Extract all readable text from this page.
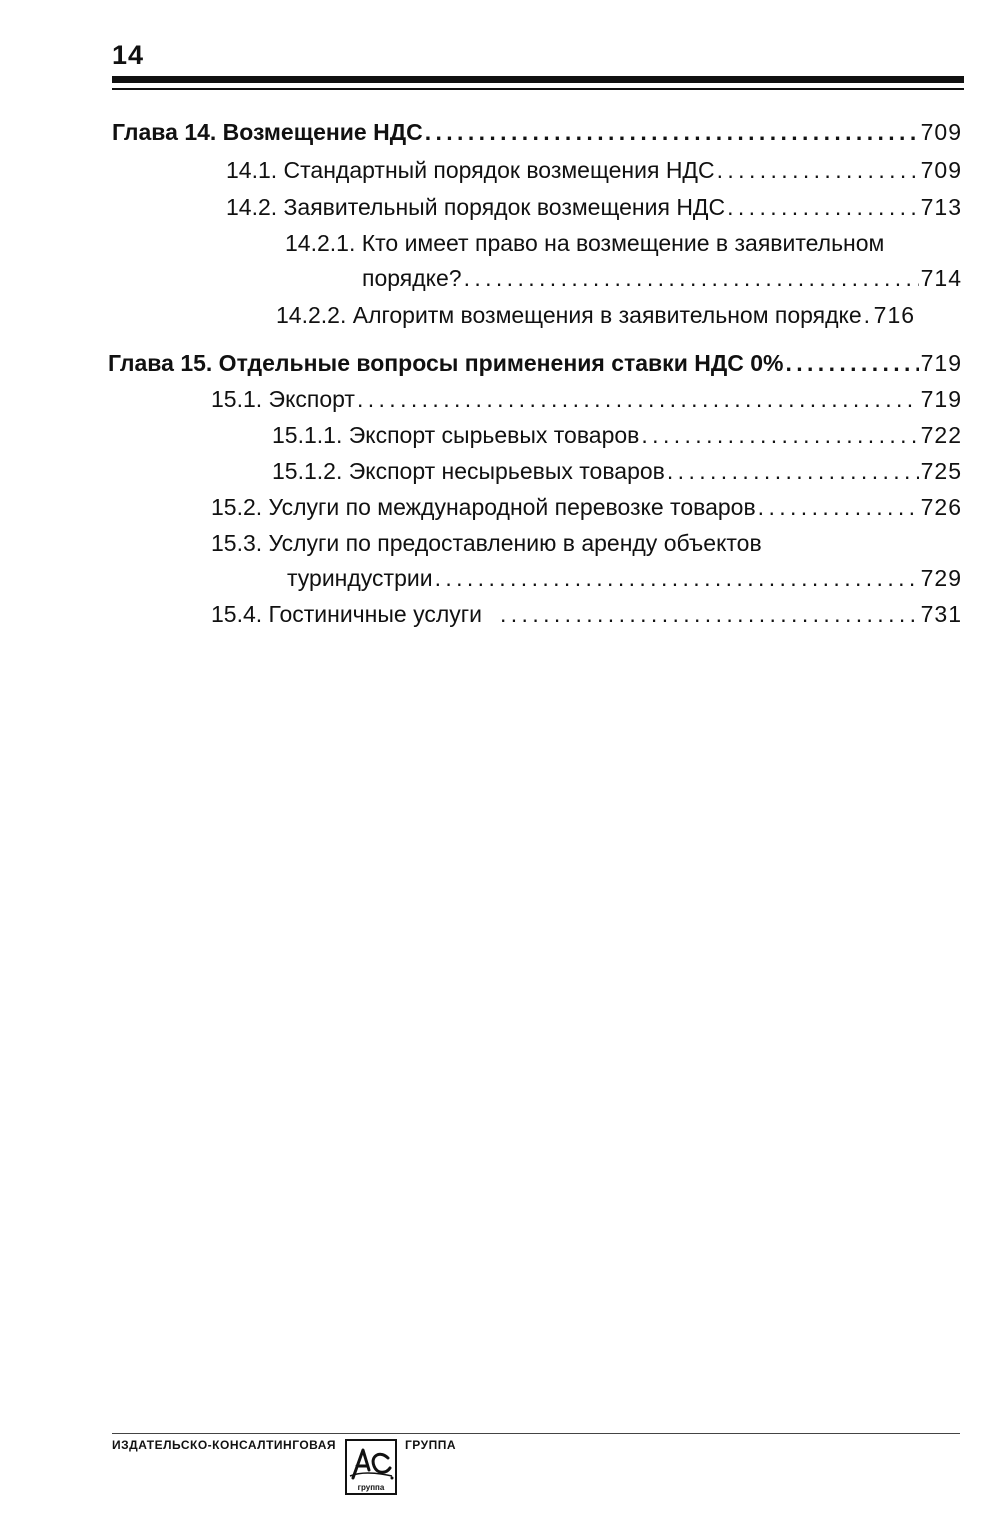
14
Глава 14. Возмещение НДС . . .	709
14.1. Стандартный порядок возмещения НДС . . .	709
14.2. Заявительный порядок возмещения НДС . . .	713
14.2.1. Кто имеет право на возмещение в заявительном
порядке? . . .	714
14.2.2. Алгоритм возмещения в заявительном порядке . . . 716
Глава 15. Отдельные вопросы применения ставки НДС 0% . . .	719
15.1. Экспорт . . .	719
15.1.1. Экспорт сырьевых товаров . . .	722
15.1.2. Экспорт несырьевых товаров . . .	725
15.2. Услуги по международной перевозке товаров . . .	726
15.3. Услуги по предоставлению в аренду объектов
туриндустрии . . .	729
15.4. Гостиничные услуги . . .	731
ИЗДАТЕЛЬСКО-КОНСАЛТИНГОВАЯ	ГРУППА
группа
